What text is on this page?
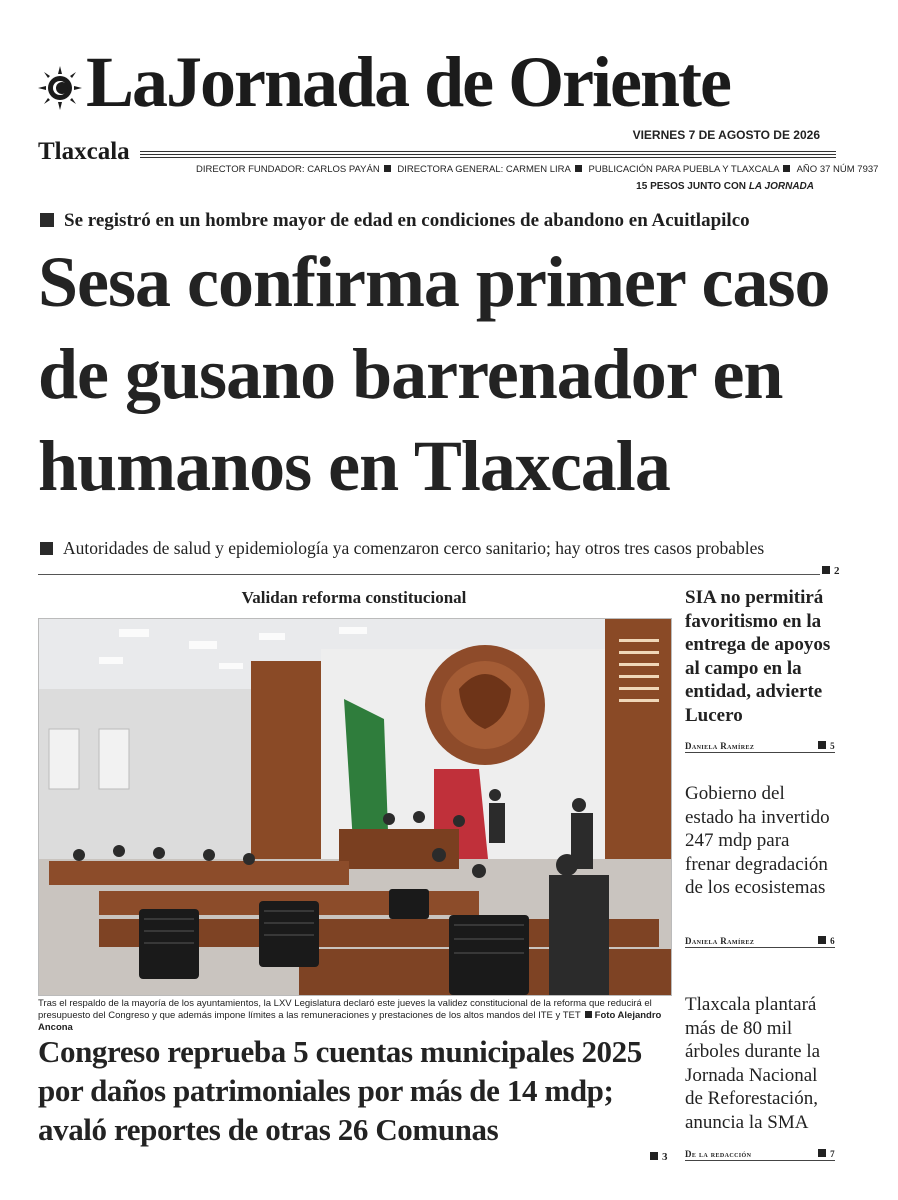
LaJornada de Oriente
Tlaxcala
VIERNES 7 DE AGOSTO DE 2026
DIRECTOR FUNDADOR: CARLOS PAYÁN DIRECTORA GENERAL: CARMEN LIRA PUBLICACIÓN PARA PUEBLA Y TLAXCALA AÑO 37 NÚM 7937
15 PESOS JUNTO CON LA JORNADA
Se registró en un hombre mayor de edad en condiciones de abandono en Acuitlapilco
Sesa confirma primer caso de gusano barrenador en humanos en Tlaxcala
Autoridades de salud y epidemiología ya comenzaron cerco sanitario; hay otros tres casos probables
2
Validan reforma constitucional
Tras el respaldo de la mayoría de los ayuntamientos, la LXV Legislatura declaró este jueves la validez constitucional de la reforma que reducirá el presupuesto del Congreso y que además impone límites a las remuneraciones y prestaciones de los altos mandos del ITE y TET Foto Alejandro Ancona
Congreso reprueba 5 cuentas municipales 2025 por daños patrimoniales por más de 14 mdp; avaló reportes de otras 26 Comunas
3
SIA no permitirá favoritismo en la entrega de apoyos al campo en la entidad, advierte Lucero
Daniela Ramírez	5
Gobierno del estado ha invertido 247 mdp para frenar degradación de los ecosistemas
Daniela Ramírez	6
Tlaxcala plantará más de 80 mil árboles durante la Jornada Nacional de Reforestación, anuncia la SMA
De la redacción	7
